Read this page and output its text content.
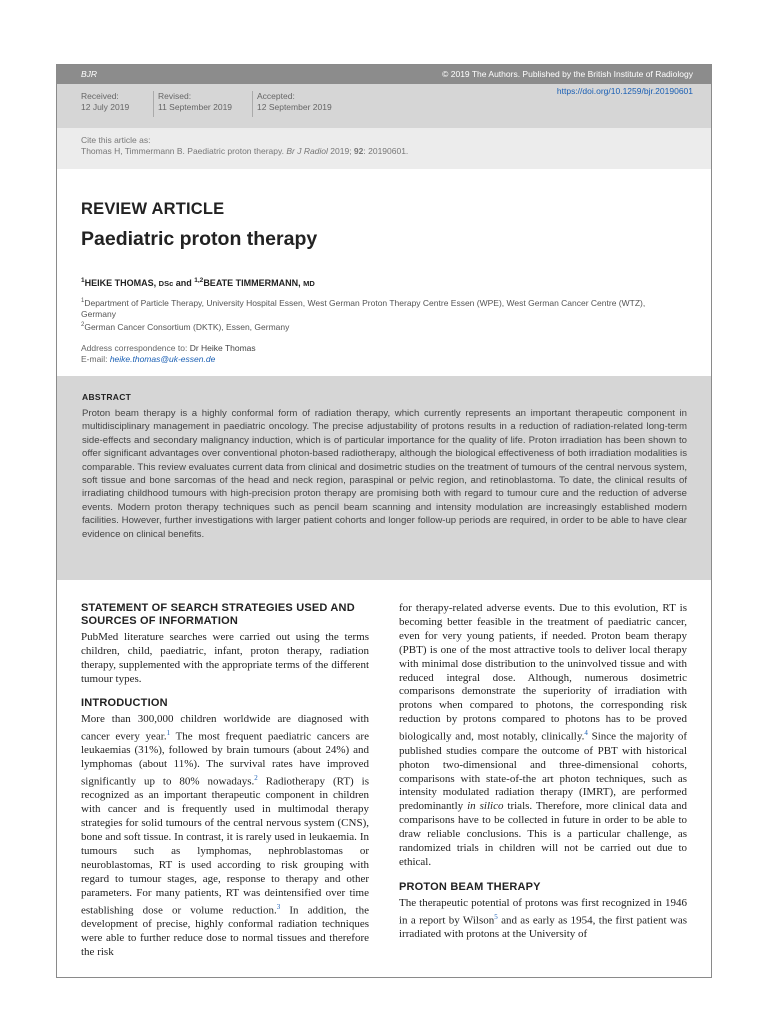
BJR	© 2019 The Authors. Published by the British Institute of Radiology
Received:
12 July 2019
Revised:
11 September 2019
Accepted:
12 September 2019
https://doi.org/10.1259/bjr.20190601
Cite this article as:
Thomas H, Timmermann B. Paediatric proton therapy. Br J Radiol 2019; 92: 20190601.
REVIEW ARTICLE
Paediatric proton therapy
$^1$HEIKE THOMAS, DSc and $^{1,2}$BEATE TIMMERMANN, MD
$^1$Department of Particle Therapy, University Hospital Essen, West German Proton Therapy Centre Essen (WPE), West German Cancer Centre (WTZ), Germany
$^2$German Cancer Consortium (DKTK), Essen, Germany
Address correspondence to: Dr Heike Thomas
E-mail: heike.thomas@uk-essen.de
ABSTRACT

Proton beam therapy is a highly conformal form of radiation therapy, which currently represents an important therapeutic component in multidisciplinary management in paediatric oncology. The precise adjustability of protons results in a reduction of radiation-related long-term side-effects and secondary malignancy induction, which is of particular importance for the quality of life. Proton irradiation has been shown to offer significant advantages over conventional photon-based radiotherapy, although the biological effectiveness of both irradiation modalities is comparable. This review evaluates current data from clinical and dosimetric studies on the treatment of tumours of the central nervous system, soft tissue and bone sarcomas of the head and neck region, paraspinal or pelvic region, and retinoblastoma. To date, the clinical results of irradiating childhood tumours with high-precision proton therapy are promising both with regard to tumour cure and the reduction of adverse events. Modern proton therapy techniques such as pencil beam scanning and intensity modulation are increasingly established modern facilities. However, further investigations with larger patient cohorts and longer follow-up periods are required, in order to be able to have clear evidence on clinical benefits.

STATEMENT OF SEARCH STRATEGIES USED AND SOURCES OF INFORMATION

PubMed literature searches were carried out using the terms children, child, paediatric, infant, proton therapy, radiation therapy, supplemented with the appropriate terms of the different tumour types.

INTRODUCTION

More than 300,000 children worldwide are diagnosed with cancer every year.$^1$ The most frequent paediatric cancers are leukaemias (31%), followed by brain tumours (about 24%) and lymphomas (about 11%). The survival rates have improved significantly up to 80% nowadays.$^2$ Radiotherapy (RT) is recognized as an important therapeutic component in children with cancer and is frequently used in multimodal therapy strategies for solid tumours of the central nervous system (CNS), bone and soft tissue. In contrast, it is rarely used in leukaemia. In tumours such as lymphomas, nephroblastomas or neuroblastomas, RT is used according to risk grouping with regard to tumour stages, age, response to therapy and other parameters. For many patients, RT was deintensified over time establishing dose or volume reduction.$^3$ In addition, the development of precise, highly conformal radiation techniques were able to further reduce dose to normal tissues and therefore the risk

for therapy-related adverse events. Due to this evolution, RT is becoming better feasible in the treatment of paediatric cancer, even for very young patients, if needed. Proton beam therapy (PBT) is one of the most attractive tools to deliver local therapy with minimal dose distribution to the uninvolved tissue and with reduced integral dose. Although, numerous dosimetric comparisons demonstrate the superiority of irradiation with protons when compared to photons, the corresponding risk reduction by protons compared to photons has to be proved biologically and, most notably, clinically.$^4$ Since the majority of published studies compare the outcome of PBT with historical photon two-dimensional and three-dimensional cohorts, comparisons with state-of-the art photon techniques, such as intensity modulated radiation therapy (IMRT), are performed predominantly in silico trials. Therefore, more clinical data and comparisons have to be collected in future in order to be able to draw reliable conclusions. This is a particular challenge, as randomized trials in children will not be carried out due to ethical.

PROTON BEAM THERAPY

The therapeutic potential of protons was first recognized in 1946 in a report by Wilson$^5$ and as early as 1954, the first patient was irradiated with protons at the University of
